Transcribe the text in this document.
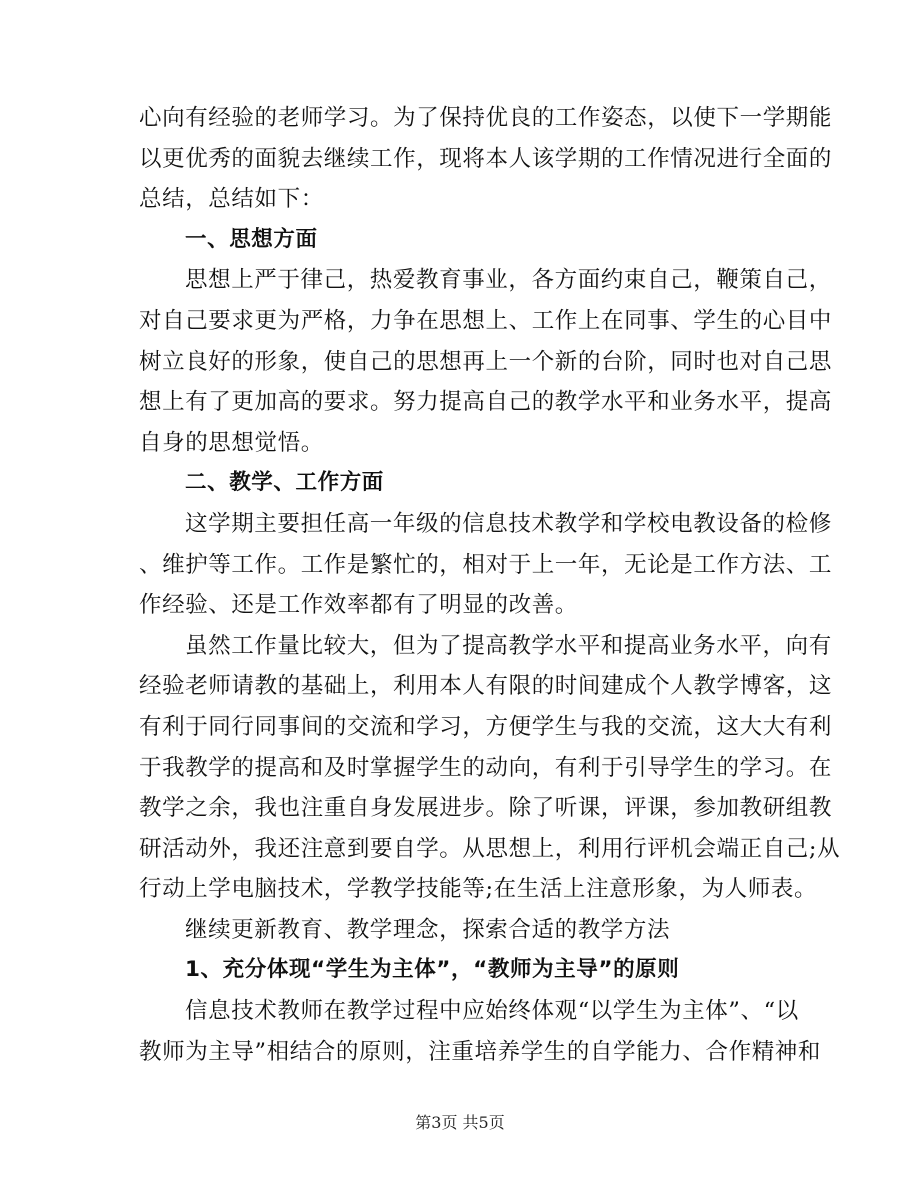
心向有经验的老师学习。为了保持优良的工作姿态，以使下一学期能
以更优秀的面貌去继续工作，现将本人该学期的工作情况进行全面的
总结，总结如下：
一、思想方面
思想上严于律己，热爱教育事业，各方面约束自己，鞭策自己，
对自己要求更为严格，力争在思想上、工作上在同事、学生的心目中
树立良好的形象，使自己的思想再上一个新的台阶，同时也对自己思
想上有了更加高的要求。努力提高自己的教学水平和业务水平，提高
自身的思想觉悟。
二、教学、工作方面
这学期主要担任高一年级的信息技术教学和学校电教设备的检修
、维护等工作。工作是繁忙的，相对于上一年，无论是工作方法、工
作经验、还是工作效率都有了明显的改善。
虽然工作量比较大，但为了提高教学水平和提高业务水平，向有
经验老师请教的基础上，利用本人有限的时间建成个人教学博客，这
有利于同行同事间的交流和学习，方便学生与我的交流，这大大有利
于我教学的提高和及时掌握学生的动向，有利于引导学生的学习。在
教学之余，我也注重自身发展进步。除了听课，评课，参加教研组教
研活动外，我还注意到要自学。从思想上，利用行评机会端正自己;从
行动上学电脑技术，学教学技能等;在生活上注意形象，为人师表。
继续更新教育、教学理念，探索合适的教学方法
1、充分体现“学生为主体”，“教师为主导”的原则
信息技术教师在教学过程中应始终体观“以学生为主体”、“以
教师为主导”相结合的原则，注重培养学生的自学能力、合作精神和
第3页 共5页
